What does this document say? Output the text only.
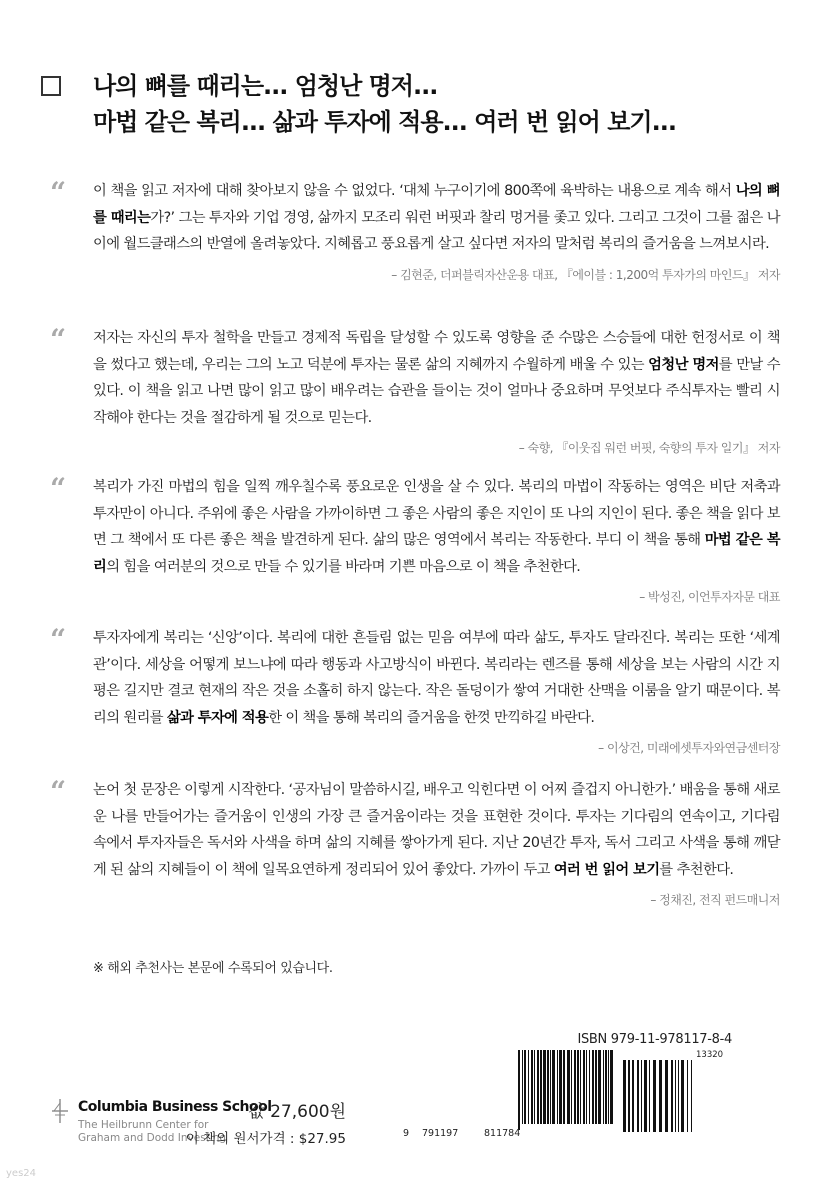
나의 뼈를 때리는... 엄청난 명저...
마법 같은 복리... 삶과 투자에 적용... 여러 번 읽어 보기...
“ 이 책을 읽고 저자에 대해 찾아보지 않을 수 없었다. ‘대체 누구이기에 800쪽에 육박하는 내용으로 계속 해서 나의 뼈를 때리는가?’ 그는 투자와 기업 경영, 삶까지 모조리 워런 버핏과 찰리 멍거를 좇고 있다. 그리고 그것이 그를 젊은 나이에 월드클래스의 반열에 올려놓았다. 지혜롭고 풍요롭게 살고 싶다면 저자의 말처럼 복리의 즐거움을 느껴보시라.
– 김현준, 더퍼블릭자산운용 대표, 『에이블 : 1,200억 투자가의 마인드』 저자
“ 저자는 자신의 투자 철학을 만들고 경제적 독립을 달성할 수 있도록 영향을 준 수많은 스승들에 대한 헌정서로 이 책을 썼다고 했는데, 우리는 그의 노고 덕분에 투자는 물론 삶의 지혜까지 수월하게 배울 수 있는 엄청난 명저를 만날 수 있다. 이 책을 읽고 나면 많이 읽고 많이 배우려는 습관을 들이는 것이 얼마나 중요하며 무엇보다 주식투자는 빨리 시작해야 한다는 것을 절감하게 될 것으로 믿는다.
– 숙향, 『이웃집 워런 버핏, 숙향의 투자 일기』 저자
“ 복리가 가진 마법의 힘을 일찍 깨우칠수록 풍요로운 인생을 살 수 있다. 복리의 마법이 작동하는 영역은 비단 저축과 투자만이 아니다. 주위에 좋은 사람을 가까이하면 그 좋은 사람의 좋은 지인이 또 나의 지인이 된다. 좋은 책을 읽다 보면 그 책에서 또 다른 좋은 책을 발견하게 된다. 삶의 많은 영역에서 복리는 작동한다. 부디 이 책을 통해 마법 같은 복리의 힘을 여러분의 것으로 만들 수 있기를 바라며 기쁜 마음으로 이 책을 추천한다.
– 박성진, 이언투자자문 대표
“ 투자자에게 복리는 ‘신앙’이다. 복리에 대한 흔들림 없는 믿음 여부에 따라 삶도, 투자도 달라진다. 복리는 또한 ‘세계관’이다. 세상을 어떻게 보느냐에 따라 행동과 사고방식이 바뀐다. 복리라는 렌즈를 통해 세상을 보는 사람의 시간 지평은 길지만 결코 현재의 작은 것을 소홀히 하지 않는다. 작은 돌덩이가 쌓여 거대한 산맥을 이룸을 알기 때문이다. 복리의 원리를 삶과 투자에 적용한 이 책을 통해 복리의 즐거움을 한껏 만끽하길 바란다.
– 이상건, 미래에셋투자와연금센터장
“ 논어 첫 문장은 이렇게 시작한다. ‘공자님이 말씀하시길, 배우고 익힌다면 이 어찌 즐겁지 아니한가.’ 배움을 통해 새로운 나를 만들어가는 즐거움이 인생의 가장 큰 즐거움이라는 것을 표현한 것이다. 투자는 기다림의 연속이고, 기다림 속에서 투자자들은 독서와 사색을 하며 삶의 지혜를 쌓아가게 된다. 지난 20년간 투자, 독서 그리고 사색을 통해 깨닫게 된 삶의 지혜들이 이 책에 일목요연하게 정리되어 있어 좋았다. 가까이 두고 여러 번 읽어 보기를 추천한다.
– 정채진, 전직 펀드매니저
※ 해외 추천사는 본문에 수록되어 있습니다.
Columbia Business School
The Heilbrunn Center for
Graham and Dodd Investing
값 27,600원
이 책의 원서가격 : $27.95
ISBN 979-11-978117-8-4
13320
9 791197	811784
yes24
